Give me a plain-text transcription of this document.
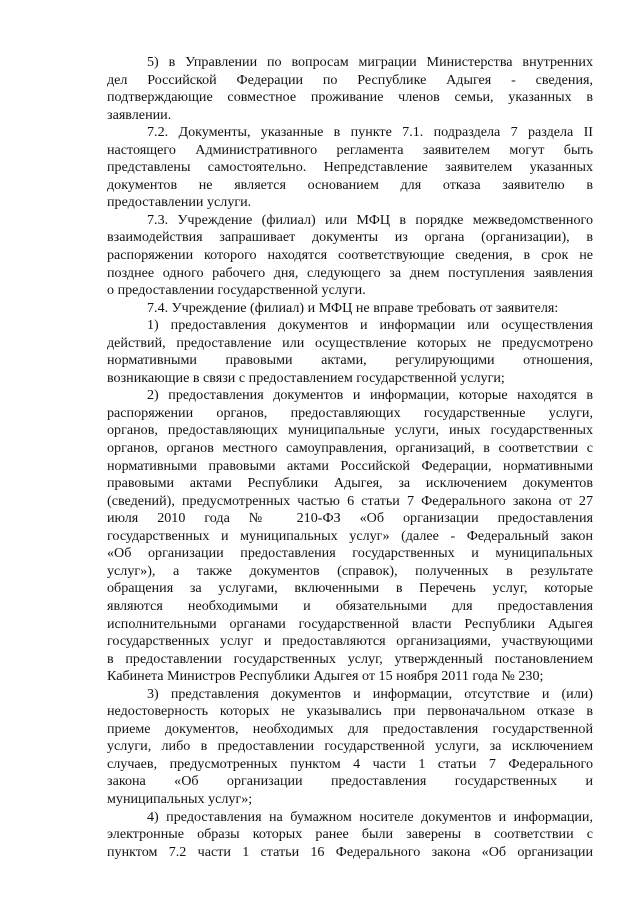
5) в Управлении по вопросам миграции Министерства внутренних

дел Российской Федерации по Республике Адыгея - сведения,

подтверждающие совместное проживание членов семьи, указанных в

заявлении.

7.2. Документы, указанные в пункте 7.1. подраздела 7 раздела II

настоящего Административного регламента заявителем могут быть

представлены самостоятельно. Непредставление заявителем указанных

документов не является основанием для отказа заявителю в

предоставлении услуги.

7.3. Учреждение (филиал) или МФЦ в порядке межведомственного

взаимодействия запрашивает документы из органа (организации), в

распоряжении которого находятся соответствующие сведения, в срок не

позднее одного рабочего дня, следующего за днем поступления заявления

о предоставлении государственной услуги.

7.4. Учреждение (филиал) и МФЦ не вправе требовать от заявителя:

1) предоставления документов и информации или осуществления

действий, предоставление или осуществление которых не предусмотрено

нормативными правовыми актами, регулирующими отношения,

возникающие в связи с предоставлением государственной услуги;

2) предоставления документов и информации, которые находятся в

распоряжении органов, предоставляющих государственные услуги,

органов, предоставляющих муниципальные услуги, иных государственных

органов, органов местного самоуправления, организаций, в соответствии с

нормативными правовыми актами Российской Федерации, нормативными

правовыми актами Республики Адыгея, за исключением документов

(сведений), предусмотренных частью 6 статьи 7 Федерального закона от 27

июля 2010 года № 210-ФЗ «Об организации предоставления

государственных и муниципальных услуг» (далее - Федеральный закон

«Об организации предоставления государственных и муниципальных

услуг»), а также документов (справок), полученных в результате

обращения за услугами, включенными в Перечень услуг, которые

являются необходимыми и обязательными для предоставления

исполнительными органами государственной власти Республики Адыгея

государственных услуг и предоставляются организациями, участвующими

в предоставлении государственных услуг, утвержденный постановлением

Кабинета Министров Республики Адыгея от 15 ноября 2011 года № 230;

3) представления документов и информации, отсутствие и (или)

недостоверность которых не указывались при первоначальном отказе в

приеме документов, необходимых для предоставления государственной

услуги, либо в предоставлении государственной услуги, за исключением

случаев, предусмотренных пунктом 4 части 1 статьи 7 Федерального

закона «Об организации предоставления государственных и

муниципальных услуг»;

4) предоставления на бумажном носителе документов и информации,

электронные образы которых ранее были заверены в соответствии с

пунктом 7.2 части 1 статьи 16 Федерального закона «Об организации
